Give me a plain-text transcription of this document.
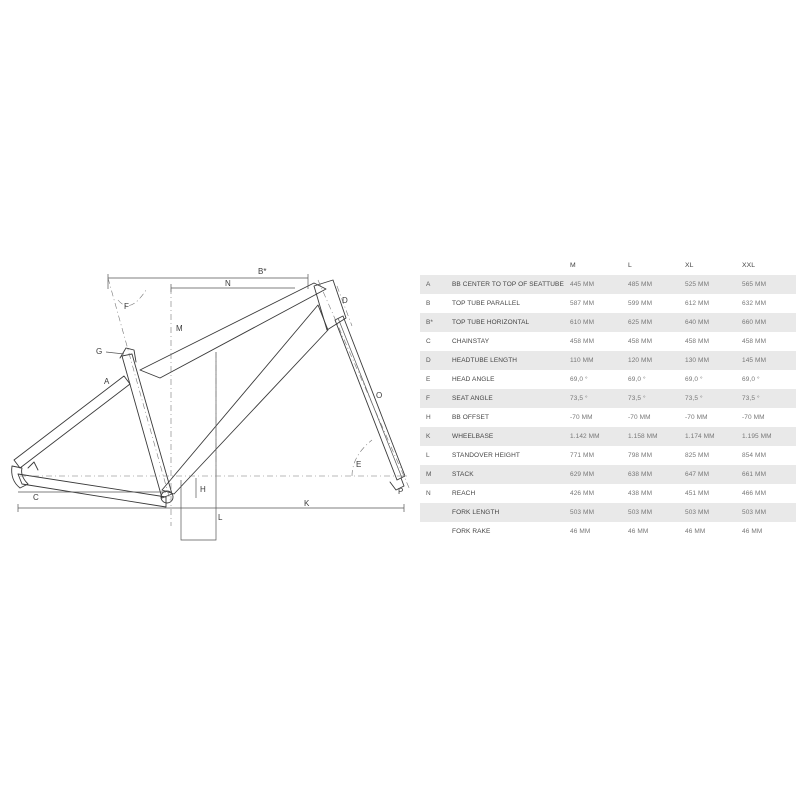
B*
N
D
F
M
G
A
O
E
H	P
C
K
L
		M	L	XL	XXL
A	BB CENTER TO TOP OF SEATTUBE	445 MM	485 MM	525 MM	565 MM
B	TOP TUBE PARALLEL	587 MM	599 MM	612 MM	632 MM
B*	TOP TUBE HORIZONTAL	610 MM	625 MM	640 MM	660 MM
C	CHAINSTAY	458 MM	458 MM	458 MM	458 MM
D	HEADTUBE LENGTH	110 MM	120 MM	130 MM	145 MM
E	HEAD ANGLE	69,0 °	69,0 °	69,0 °	69,0 °
F	SEAT ANGLE	73,5 °	73,5 °	73,5 °	73,5 °
H	BB OFFSET	-70 MM	-70 MM	-70 MM	-70 MM
K	WHEELBASE	1.142 MM	1.158 MM	1.174 MM	1.195 MM
L	STANDOVER HEIGHT	771 MM	798 MM	825 MM	854 MM
M	STACK	629 MM	638 MM	647 MM	661 MM
N	REACH	426 MM	438 MM	451 MM	466 MM
	FORK LENGTH	503 MM	503 MM	503 MM	503 MM
	FORK RAKE	46 MM	46 MM	46 MM	46 MM
